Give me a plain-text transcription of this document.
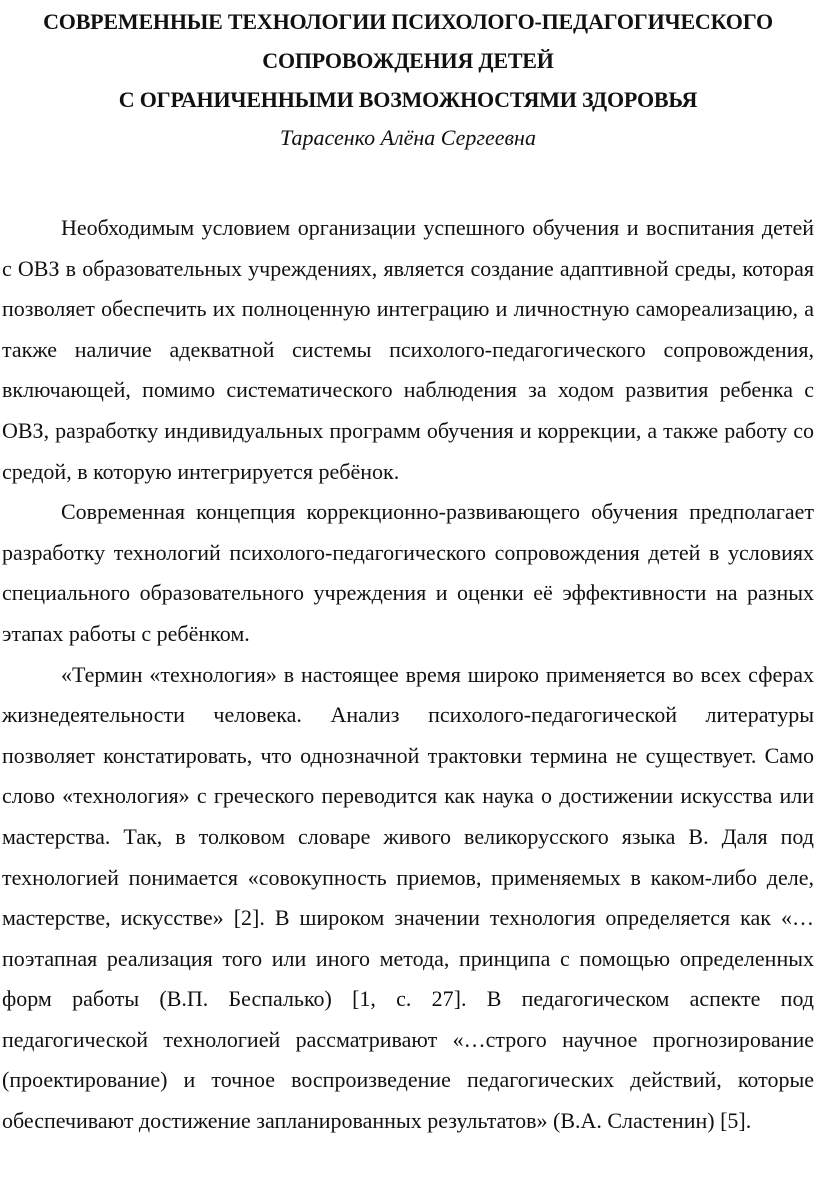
СОВРЕМЕННЫЕ ТЕХНОЛОГИИ ПСИХОЛОГО-ПЕДАГОГИЧЕСКОГО
СОПРОВОЖДЕНИЯ ДЕТЕЙ
С ОГРАНИЧЕННЫМИ ВОЗМОЖНОСТЯМИ ЗДОРОВЬЯ

Тарасенко Алёна Сергеевна

Необходимым условием организации успешного обучения и воспитания детей с ОВЗ в образовательных учреждениях, является создание адаптивной среды, которая позволяет обеспечить их полноценную интеграцию и личностную самореализацию, а также наличие адекватной системы психолого-педагогического сопровождения, включающей, помимо систематического наблюдения за ходом развития ребенка с ОВЗ, разработку индивидуальных программ обучения и коррекции, а также работу со средой, в которую интегрируется ребёнок.

Современная концепция коррекционно-развивающего обучения предполагает разработку технологий психолого-педагогического сопровождения детей в условиях специального образовательного учреждения и оценки её эффективности на разных этапах работы с ребёнком.

«Термин «технология» в настоящее время широко применяется во всех сферах жизнедеятельности человека. Анализ психолого-педагогической литературы позволяет констатировать, что однозначной трактовки термина не существует. Само слово «технология» с греческого переводится как наука о достижении искусства или мастерства. Так, в толковом словаре живого великорусского языка В. Даля под технологией понимается «совокупность приемов, применяемых в каком-либо деле, мастерстве, искусстве» [2]. В широком значении технология определяется как «…поэтапная реализация того или иного метода, принципа с помощью определенных форм работы (В.П. Беспалько) [1, с. 27]. В педагогическом аспекте под педагогической технологией рассматривают «…строго научное прогнозирование (проектирование) и точное воспроизведение педагогических действий, которые обеспечивают достижение запланированных результатов» (В.А. Сластенин) [5].
